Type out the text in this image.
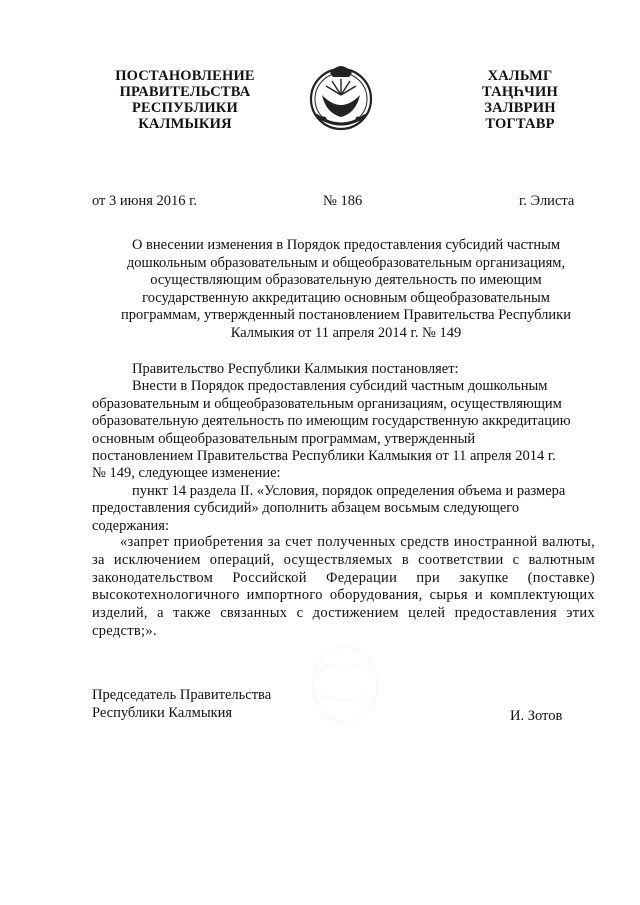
ПОСТАНОВЛЕНИЕ
ПРАВИТЕЛЬСТВА
РЕСПУБЛИКИ
КАЛМЫКИЯ
ХАЛЬМГ
ТАҢҺЧИН
ЗАЛВРИН
ТОГТАВР
от 3 июня 2016 г.	№ 186	г. Элиста
О внесении изменения в Порядок предоставления субсидий частным
дошкольным образовательным и общеобразовательным организациям,
осуществляющим образовательную деятельность по имеющим
государственную аккредитацию основным общеобразовательным
программам, утвержденный постановлением Правительства Республики
Калмыкия от 11 апреля 2014 г. № 149

Правительство Республики Калмыкия постановляет:

Внести в Порядок предоставления субсидий частным дошкольным

образовательным и общеобразовательным организациям, осуществляющим

образовательную деятельность по имеющим государственную аккредитацию

основным общеобразовательным программам, утвержденный

постановлением Правительства Республики Калмыкия от 11 апреля 2014 г.

№ 149, следующее изменение:

пункт 14 раздела II. «Условия, порядок определения объема и размера

предоставления субсидий» дополнить абзацем восьмым следующего

содержания:

«запрет приобретения за счет полученных средств иностранной валюты,
за исключением операций, осуществляемых в соответствии с валютным
законодательством Российской Федерации при закупке (поставке)
высокотехнологичного импортного оборудования, сырья и комплектующих
изделий, а также связанных с достижением целей предоставления этих
средств;».
Председатель Правительства
Республики Калмыкия	И. Зотов
